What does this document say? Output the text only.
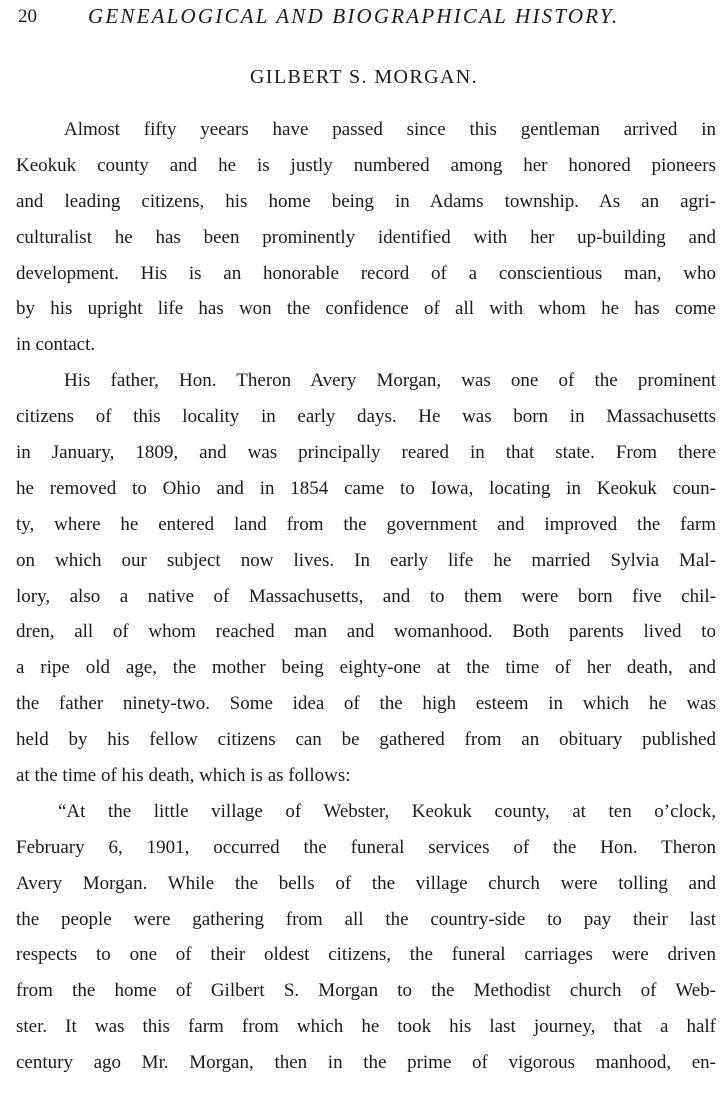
20 GENEALOGICAL AND BIOGRAPHICAL HISTORY.
GILBERT S. MORGAN.
Almost fifty yeears have passed since this gentleman arrived in
Keokuk county and he is justly numbered among her honored pioneers
and leading citizens, his home being in Adams township. As an agri-
culturalist he has been prominently identified with her up-building and
development. His is an honorable record of a conscientious man, who
by his upright life has won the confidence of all with whom he has come
in contact.
His father, Hon. Theron Avery Morgan, was one of the prominent
citizens of this locality in early days. He was born in Massachusetts
in January, 1809, and was principally reared in that state. From there
he removed to Ohio and in 1854 came to Iowa, locating in Keokuk coun-
ty, where he entered land from the government and improved the farm
on which our subject now lives. In early life he married Sylvia Mal-
lory, also a native of Massachusetts, and to them were born five chil-
dren, all of whom reached man and womanhood. Both parents lived to
a ripe old age, the mother being eighty-one at the time of her death, and
the father ninety-two. Some idea of the high esteem in which he was
held by his fellow citizens can be gathered from an obituary published
at the time of his death, which is as follows:
“At the little village of Webster, Keokuk county, at ten o’clock,
February 6, 1901, occurred the funeral services of the Hon. Theron
Avery Morgan. While the bells of the village church were tolling and
the people were gathering from all the country-side to pay their last
respects to one of their oldest citizens, the funeral carriages were driven
from the home of Gilbert S. Morgan to the Methodist church of Web-
ster. It was this farm from which he took his last journey, that a half
century ago Mr. Morgan, then in the prime of vigorous manhood, en-
